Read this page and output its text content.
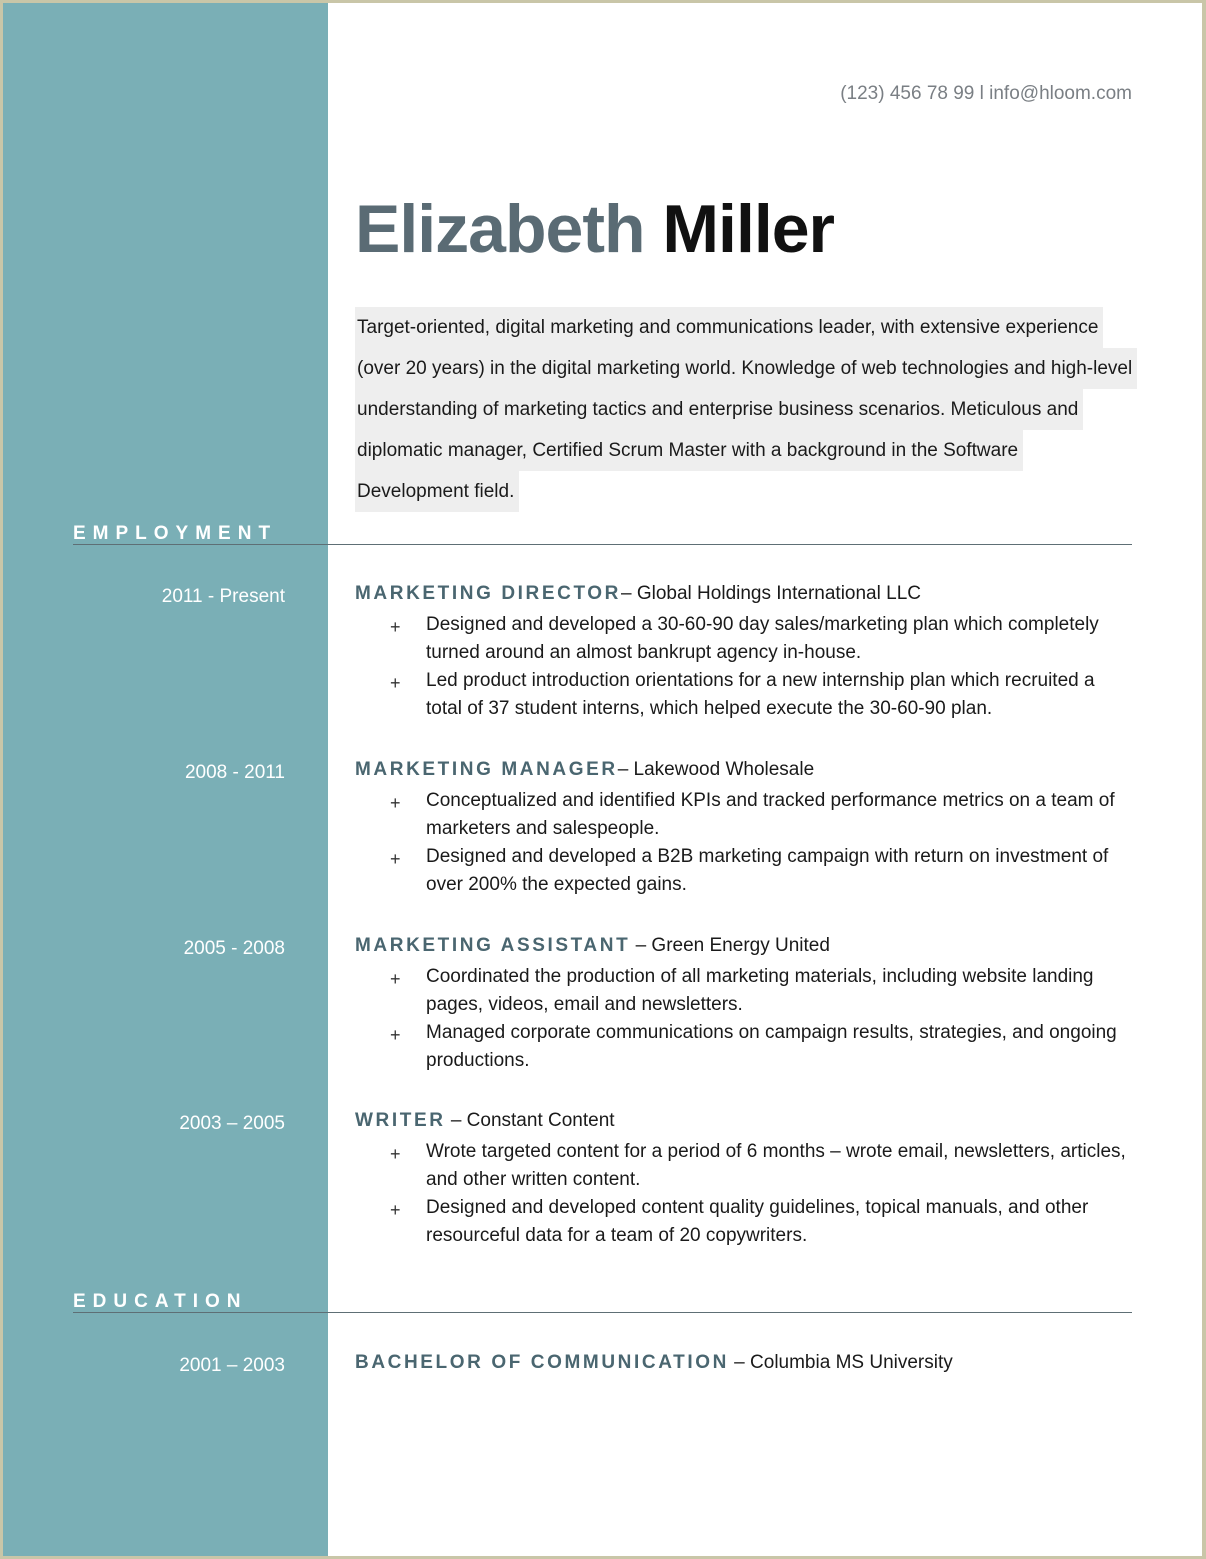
(123) 456 78 99 l info@hloom.com
Elizabeth Miller
Target-oriented, digital marketing and communications leader, with extensive experience (over 20 years) in the digital marketing world. Knowledge of web technologies and high-level understanding of marketing tactics and enterprise business scenarios. Meticulous and diplomatic manager, Certified Scrum Master with a background in the Software Development field.
EMPLOYMENT
2011 - Present	MARKETING DIRECTOR– Global Holdings International LLC
+ Designed and developed a 30-60-90 day sales/marketing plan which completely turned around an almost bankrupt agency in-house.
+ Led product introduction orientations for a new internship plan which recruited a total of 37 student interns, which helped execute the 30-60-90 plan.
2008 - 2011	MARKETING MANAGER– Lakewood Wholesale
+ Conceptualized and identified KPIs and tracked performance metrics on a team of marketers and salespeople.
+ Designed and developed a B2B marketing campaign with return on investment of over 200% the expected gains.
2005 - 2008	MARKETING ASSISTANT – Green Energy United
+ Coordinated the production of all marketing materials, including website landing pages, videos, email and newsletters.
+ Managed corporate communications on campaign results, strategies, and ongoing productions.
2003 – 2005	WRITER – Constant Content
+ Wrote targeted content for a period of 6 months – wrote email, newsletters, articles, and other written content.
+ Designed and developed content quality guidelines, topical manuals, and other resourceful data for a team of 20 copywriters.
EDUCATION
2001 – 2003	BACHELOR OF COMMUNICATION – Columbia MS University
